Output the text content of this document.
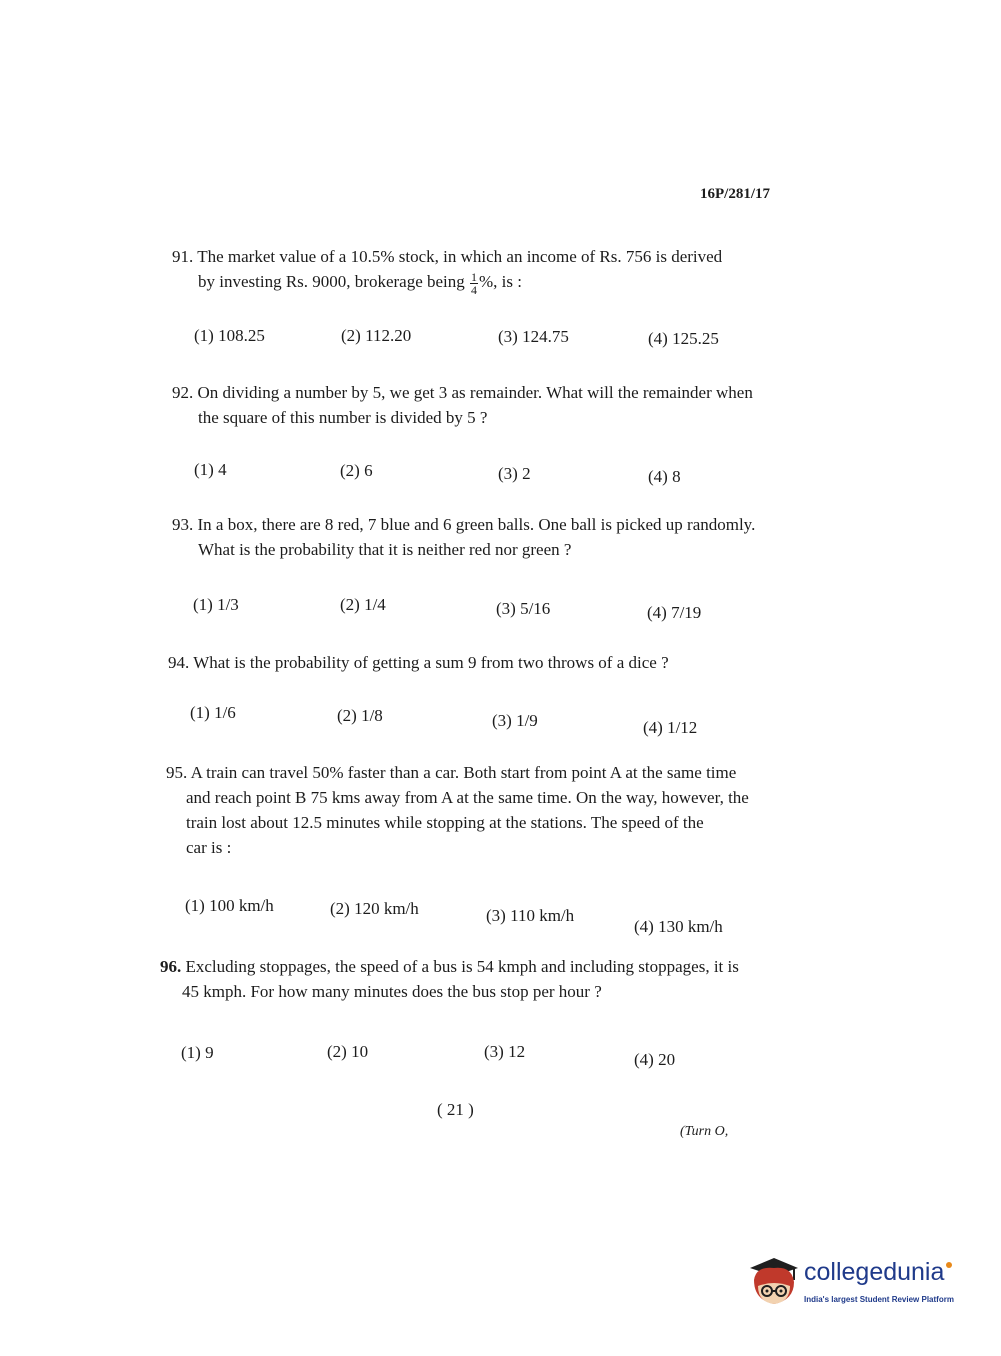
16P/281/17
91. The market value of a 10.5% stock, in which an income of Rs. 756 is derived
by investing Rs. 9000, brokerage being $\frac{1}{4}$ %, is :
(1) 108.25	(2) 112.20	(3) 124.75	(4) 125.25
92. On dividing a number by 5, we get 3 as remainder. What will the remainder when
the square of this number is divided by 5 ?
(1) 4	(2) 6	(3) 2	(4) 8
93. In a box, there are 8 red, 7 blue and 6 green balls. One ball is picked up randomly.
What is the probability that it is neither red nor green ?
(1) 1/3	(2) 1/4	(3) 5/16	(4) 7/19
94. What is the probability of getting a sum 9 from two throws of a dice ?
(1) 1/6	(2) 1/8	(3) 1/9	(4) 1/12
95. A train can travel 50% faster than a car. Both start from point A at the same time
and reach point B 75 kms away from A at the same time. On the way, however, the
train lost about 12.5 minutes while stopping at the stations. The speed of the
car is :
(1) 100 km/h	(2) 120 km/h	(3) 110 km/h
(4) 130 km/h
96. Excluding stoppages, the speed of a bus is 54 kmph and including stoppages, it is
45 kmph. For how many minutes does the bus stop per hour ?
(1) 9	(2) 10	(3) 12	(4) 20
( 21 )
(Turn O,
collegedunia
India's largest Student Review Platform
